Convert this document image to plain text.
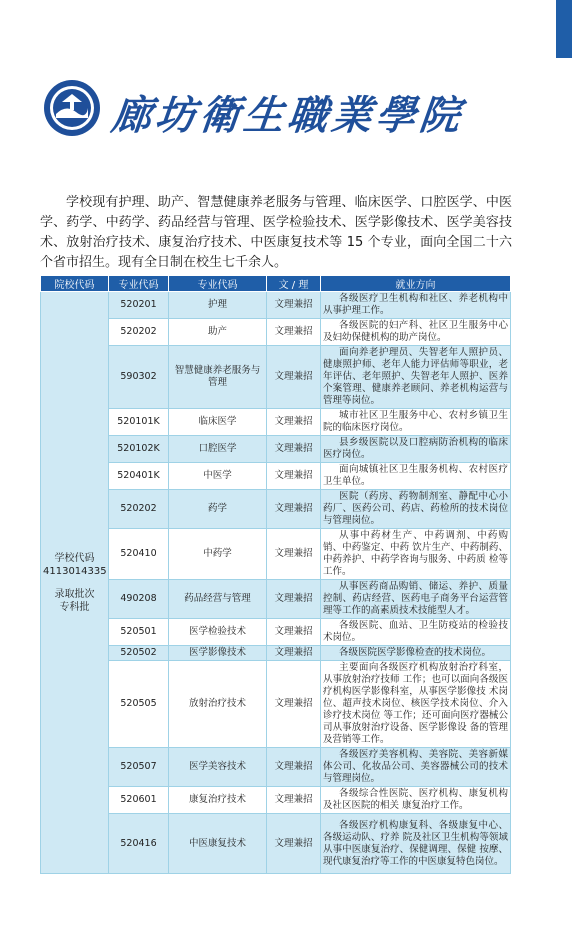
廊坊衛生職業學院

学校现有护理、助产、智慧健康养老服务与管理、临床医学、口腔医学、中医学、药学、中药学、药品经营与管理、医学检验技术、医学影像技术、医学美容技术、放射治疗技术、康复治疗技术、中医康复技术等 15 个专业，面向全国二十六个省市招生。现有全日制在校生七千余人。

院校代码	专业代码	专业代码	文 / 理	就业方向

学校代码
4113014335
录取批次
专科批	520201	护理	文理兼招	各级医疗卫生机构和社区、养老机构中从事护理工作。
	520202	助产	文理兼招	各级医院的妇产科、社区卫生服务中心及妇幼保健机构的助产岗位。
	590302	智慧健康养老服务与管理	文理兼招	面向养老护理员、失智老年人照护员、健康照护师、老年人能力评估师等职业，老年评估、老年照护、失智老年人照护、医养个案管理、健康养老顾问、养老机构运营与管理等岗位。
	520101K	临床医学	文理兼招	城市社区卫生服务中心、农村乡镇卫生院的临床医疗岗位。
	520102K	口腔医学	文理兼招	县乡级医院以及口腔病防治机构的临床医疗岗位。
	520401K	中医学	文理兼招	面向城镇社区卫生服务机构、农村医疗卫生单位。
	520202	药学	文理兼招	医院（药房、药物制剂室、静配中心小 药厂、医药公司、药店、药检所的技术岗位与管理岗位。
	520410	中药学	文理兼招	从事中药材生产、中药调剂、中药购销、中药鉴定、中药 饮片生产、中药制药、中药养护、中药学咨询与服务、中药质 检等工作。
	490208	药品经营与管理	文理兼招	从事医药商品购销、储运、养护、质量控制、药店经营、医药电子商务平台运营管理等工作的高素质技术技能型人才。
	520501	医学检验技术	文理兼招	各级医院、血站、卫生防疫站的检验技术岗位。
	520502	医学影像技术	文理兼招	各级医院医学影像检查的技术岗位。
	520505	放射治疗技术	文理兼招	主要面向各级医疗机构放射治疗科室，从事放射治疗技师 工作；也可以面向各级医疗机构医学影像科室，从事医学影像技 术岗位、超声技术岗位、核医学技术岗位、介入诊疗技术岗位 等工作；还可面向医疗器械公司从事放射治疗设备、医学影像设 备的管理及营销等工作。
	520507	医学美容技术	文理兼招	各级医疗美容机构、美容院、美容新媒体公司、化妆品公司、美容器械公司的技术与管理岗位。
	520601	康复治疗技术	文理兼招	各级综合性医院、医疗机构、康复机构及社区医院的相关 康复治疗工作。
	520416	中医康复技术	文理兼招	各级医疗机构康复科、各级康复中心、各级运动队、疗养 院及社区卫生机构等领域从事中医康复治疗、保健调理、保健 按摩、现代康复治疗等工作的中医康复特色岗位。
